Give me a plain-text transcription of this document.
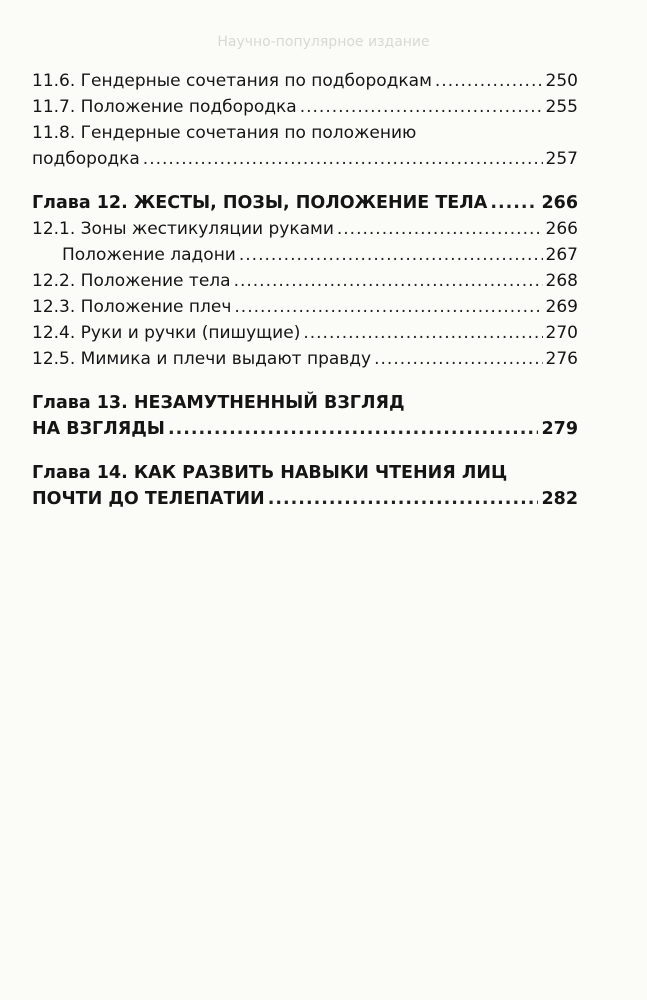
Научно-популярное издание
11.6. Гендерные сочетания по подбородкам .....	250
11.7. Положение подбородка .....	255
11.8. Гендерные сочетания по положению
подбородка .....	257
Глава 12. ЖЕСТЫ, ПОЗЫ, ПОЛОЖЕНИЕ ТЕЛА .....	266
12.1. Зоны жестикуляции руками .....	266
Положение ладони .....	267
12.2. Положение тела .....	268
12.3. Положение плеч .....	269
12.4. Руки и ручки (пишущие) .....	270
12.5. Мимика и плечи выдают правду .....	276
Глава 13. НЕЗАМУТНЕННЫЙ ВЗГЛЯД
НА ВЗГЛЯДЫ .....	279
Глава 14. КАК РАЗВИТЬ НАВЫКИ ЧТЕНИЯ ЛИЦ
ПОЧТИ ДО ТЕЛЕПАТИИ .....	282
